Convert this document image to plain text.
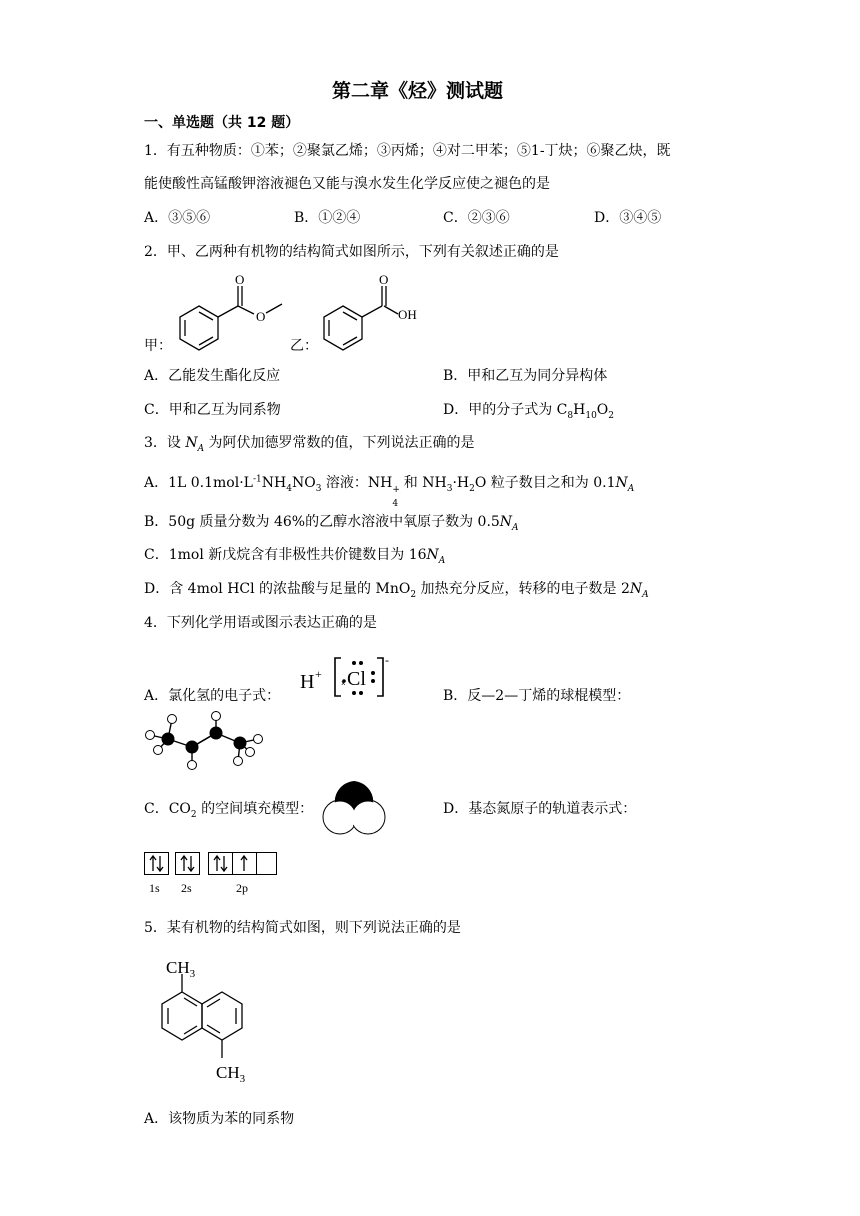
第二章《烃》测试题
一、单选题（共 12 题）
1．有五种物质：①苯；②聚氯乙烯；③丙烯；④对二甲苯；⑤1-丁炔；⑥聚乙炔，既
能使酸性高锰酸钾溶液褪色又能与溴水发生化学反应使之褪色的是
A．③⑤⑥	B．①②④	C．②③⑥	D．③④⑤
2．甲、乙两种有机物的结构简式如图所示，下列有关叙述正确的是
甲：
O
O
乙：
O
OH
A．乙能发生酯化反应	B．甲和乙互为同分异构体
C．甲和乙互为同系物	D．甲的分子式为 $C_8H_{10}O_2$
3．设 $N_A$ 为阿伏加德罗常数的值，下列说法正确的是
A．1L $0.1mol\cdot L^{-1}NH_4NO_3$ 溶液：NH +
4
和 $NH_3\cdot H_2O$ 粒子数目之和为 $0.1N_A$
B．50g 质量分数为 46%的乙醇水溶液中氧原子数为 $0.5N_A$
C．1mol 新戊烷含有非极性共价键数目为 $16N_A$
D．含 4mol HCl 的浓盐酸与足量的 MnO$_2$ 加热充分反应，转移的电子数是 $2N_A$
4．下列化学用语或图示表达正确的是
A．氯化氢的电子式：
H + Cl
-
×
B．反—2—丁烯的球棍模型：
C．$CO_2$ 的空间填充模型：	D．基态氮原子的轨道表示式：
1s 2s	2p
5．某有机物的结构简式如图，则下列说法正确的是
$CH_3$
$CH_3$
A．该物质为苯的同系物
